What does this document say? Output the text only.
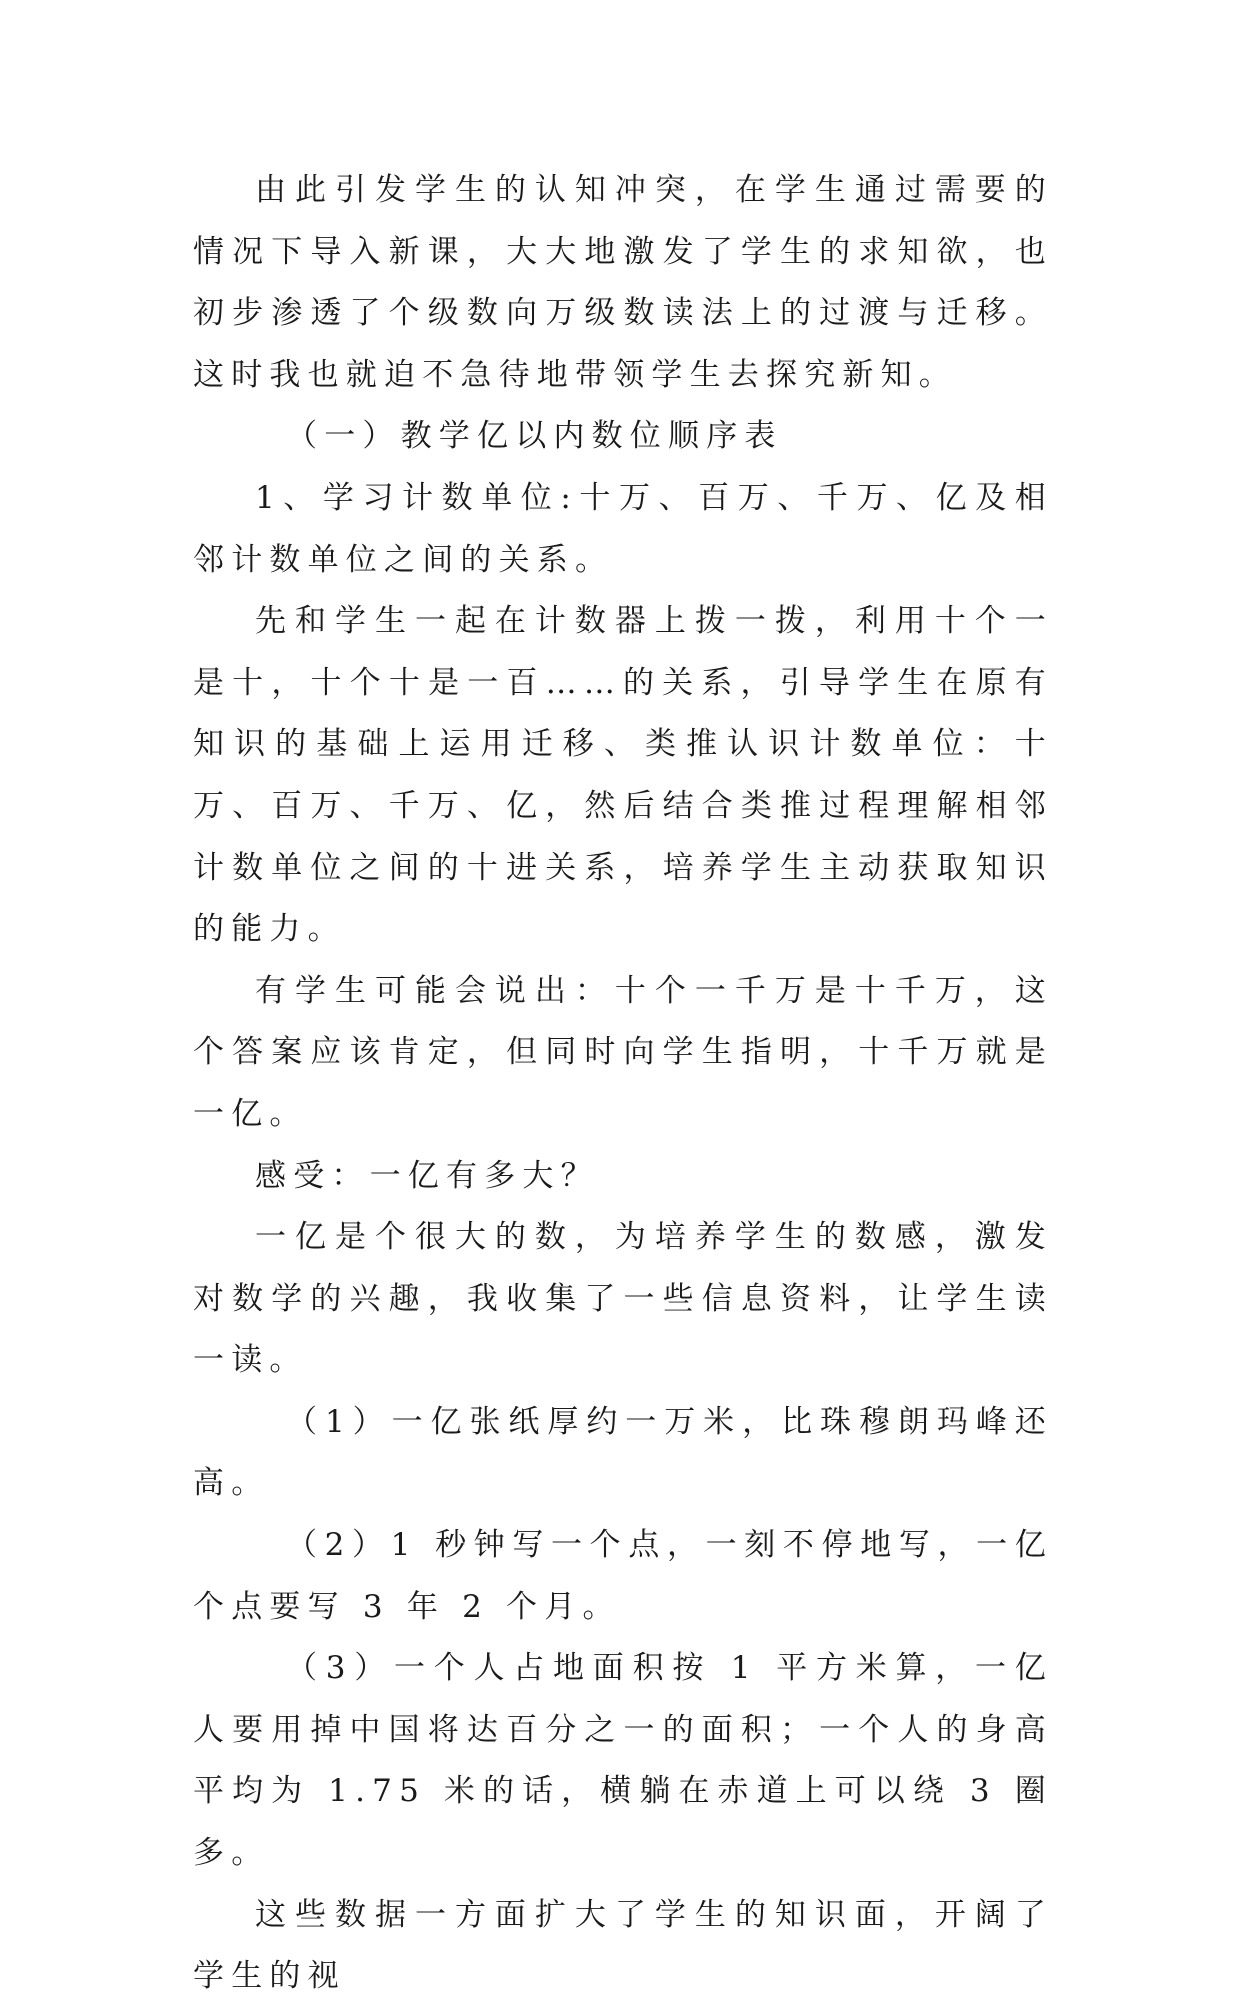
由此引发学生的认知冲突，在学生通过需要的情况下导入新课，大大地激发了学生的求知欲，也初步渗透了个级数向万级数读法上的过渡与迁移。这时我也就迫不急待地带领学生去探究新知。

（一）教学亿以内数位顺序表

1、学习计数单位:十万、百万、千万、亿及相邻计数单位之间的关系。

先和学生一起在计数器上拨一拨，利用十个一是十，十个十是一百……的关系，引导学生在原有知识的基础上运用迁移、类推认识计数单位：十万、百万、千万、亿，然后结合类推过程理解相邻计数单位之间的十进关系，培养学生主动获取知识的能力。

有学生可能会说出：十个一千万是十千万，这个答案应该肯定，但同时向学生指明，十千万就是一亿。

感受：一亿有多大？

一亿是个很大的数，为培养学生的数感，激发对数学的兴趣，我收集了一些信息资料，让学生读一读。

（1）一亿张纸厚约一万米，比珠穆朗玛峰还高。

（2）1 秒钟写一个点，一刻不停地写，一亿个点要写 3 年 2 个月。

（3）一个人占地面积按 1 平方米算，一亿人要用掉中国将达百分之一的面积；一个人的身高平均为 1.75 米的话，横躺在赤道上可以绕 3 圈多。

这些数据一方面扩大了学生的知识面，开阔了学生的视
